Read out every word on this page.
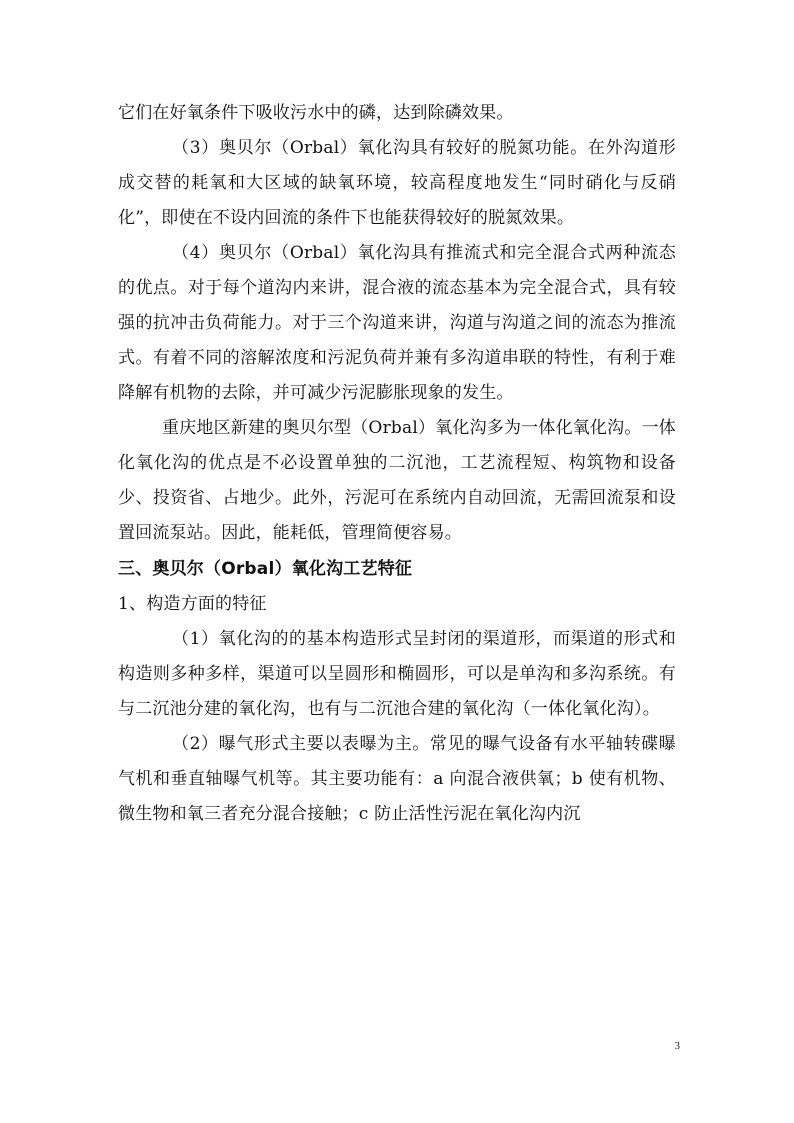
它们在好氧条件下吸收污水中的磷，达到除磷效果。

（3）奥贝尔（Orbal）氧化沟具有较好的脱氮功能。在外沟道形成交替的耗氧和大区域的缺氧环境，较高程度地发生“同时硝化与反硝化”，即使在不设内回流的条件下也能获得较好的脱氮效果。

（4）奥贝尔（Orbal）氧化沟具有推流式和完全混合式两种流态的优点。对于每个道沟内来讲，混合液的流态基本为完全混合式，具有较强的抗冲击负荷能力。对于三个沟道来讲，沟道与沟道之间的流态为推流式。有着不同的溶解浓度和污泥负荷并兼有多沟道串联的特性，有利于难降解有机物的去除，并可减少污泥膨胀现象的发生。

重庆地区新建的奥贝尔型（Orbal）氧化沟多为一体化氧化沟。一体化氧化沟的优点是不必设置单独的二沉池，工艺流程短、构筑物和设备少、投资省、占地少。此外，污泥可在系统内自动回流，无需回流泵和设置回流泵站。因此，能耗低，管理简便容易。

三、奥贝尔（Orbal）氧化沟工艺特征

1、构造方面的特征

（1）氧化沟的的基本构造形式呈封闭的渠道形，而渠道的形式和构造则多种多样，渠道可以呈圆形和椭圆形，可以是单沟和多沟系统。有与二沉池分建的氧化沟，也有与二沉池合建的氧化沟（一体化氧化沟）。

（2）曝气形式主要以表曝为主。常见的曝气设备有水平轴转碟曝气机和垂直轴曝气机等。其主要功能有：a 向混合液供氧；b 使有机物、微生物和氧三者充分混合接触；c 防止活性污泥在氧化沟内沉

3
